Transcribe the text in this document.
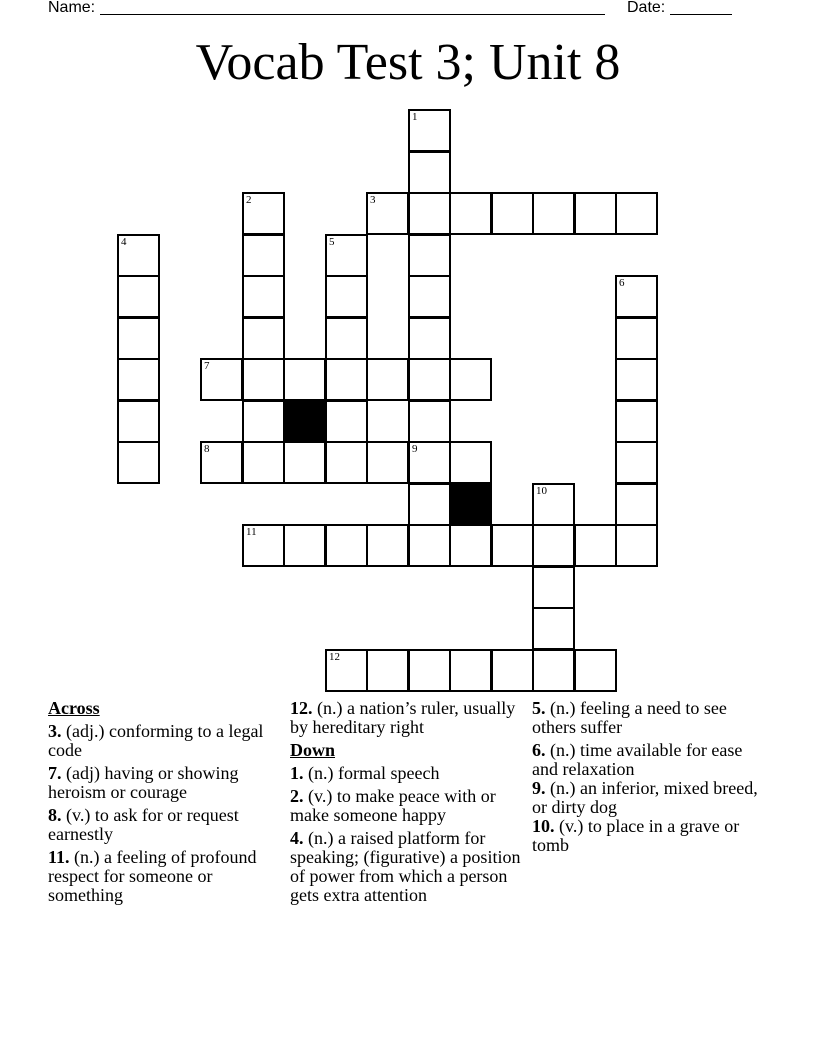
Name:	Date:
Vocab Test 3; Unit 8
1
2	3
4	5
6
7
8	9
10
11
12
Across
3. (adj.) conforming to a legal code
7. (adj) having or showing heroism or courage
8. (v.) to ask for or request earnestly
11. (n.) a feeling of profound respect for someone or something
12. (n.) a nation’s ruler, usually by hereditary right
Down
1. (n.) formal speech
2. (v.) to make peace with or make someone happy
4. (n.) a raised platform for speaking; (figurative) a position of power from which a person gets extra attention
5. (n.) feeling a need to see others suffer
6. (n.) time available for ease and relaxation
9. (n.) an inferior, mixed breed, or dirty dog
10. (v.) to place in a grave or tomb
